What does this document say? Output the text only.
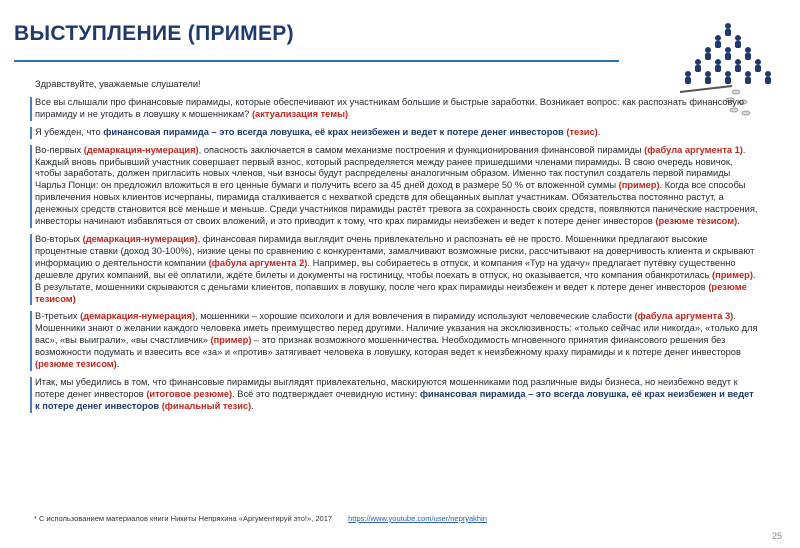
ВЫСТУПЛЕНИЕ (ПРИМЕР)
Здравствуйте, уважаемые слушатели!
Все вы слышали про финансовые пирамиды, которые обеспечивают их участникам большие и быстрые заработки. Возникает вопрос: как распознать финансовую пирамиду и не угодить в ловушку к мошенникам? (актуализация темы)
Я убежден, что финансовая пирамида – это всегда ловушка, её крах неизбежен и ведет к потере денег инвесторов (тезис).
Во-первых (демаркация-нумерация), опасность заключается в самом механизме построения и функционирования финансовой пирамиды (фабула аргумента 1). Каждый вновь прибывший участник совершает первый взнос, который распределяется между ранее пришедшими членами пирамиды. В свою очередь новичок, чтобы заработать, должен пригласить новых членов, чьи взносы будут распределены аналогичным образом. Именно так поступил создатель первой пирамиды Чарльз Понци: он предложил вложиться в его ценные бумаги и получить всего за 45 дней доход в размере 50 % от вложенной суммы (пример). Когда все способы привлечения новых клиентов исчерпаны, пирамида сталкивается с нехваткой средств для обещанных выплат участникам. Обязательства постоянно растут, а денежных средств становится всё меньше и меньше. Среди участников пирамиды растёт тревога за сохранность своих средств, появляются панические настроения, инвесторы начинают избавляться от своих вложений, и это приводит к тому, что крах пирамиды неизбежен и ведет к потере денег инвесторов (резюме тезисом).
Во-вторых (демаркация-нумерация), финансовая пирамида выглядит очень привлекательно и распознать её не просто. Мошенники предлагают высокие процентные ставки (доход 30-100%), низкие цены по сравнению с конкурентами, замалчивают возможные риски, рассчитывают на доверчивость клиента и скрывают информацию о деятельности компании (фабула аргумента 2). Например, вы собираетесь в отпуск, и компания «Тур на удачу» предлагает путёвку существенно дешевле других компаний, вы её оплатили, ждёте билеты и документы на гостиницу, чтобы поехать в отпуск, но оказывается, что компания обанкротилась (пример). В результате, мошенники скрываются с деньгами клиентов, попавших в ловушку, после чего крах пирамиды неизбежен и ведет к потере денег инвесторов (резюме тезисом)
В-третьих (демаркация-нумерация), мошенники – хорошие психологи и для вовлечения в пирамиду используют человеческие слабости (фабула аргумента 3). Мошенники знают о желании каждого человека иметь преимущество перед другими. Наличие указания на эксклюзивность: «только сейчас или никогда», «только для вас», «вы выиграли», «вы счастливчик» (пример) – это признак возможного мошенничества. Необходимость мгновенного принятия финансового решения без возможности подумать и взвесить все «за» и «против» затягивает человека в ловушку, которая ведет к неизбежному краху пирамиды и к потере денег инвесторов (резюме тезисом).
Итак, мы убедились в том, что финансовые пирамиды выглядят привлекательно, маскируются мошенниками под различные виды бизнеса, но неизбежно ведут к потере денег инвесторов (итоговое резюме). Всё это подтверждает очевидную истину: финансовая пирамида – это всегда ловушка, её крах неизбежен и ведет к потере денег инвесторов (финальный тезис).
* С использованием материалов книги Никиты Непряхина «Аргументируй это!», 2017 https://www.youtube.com/user/nepryakhin
25
